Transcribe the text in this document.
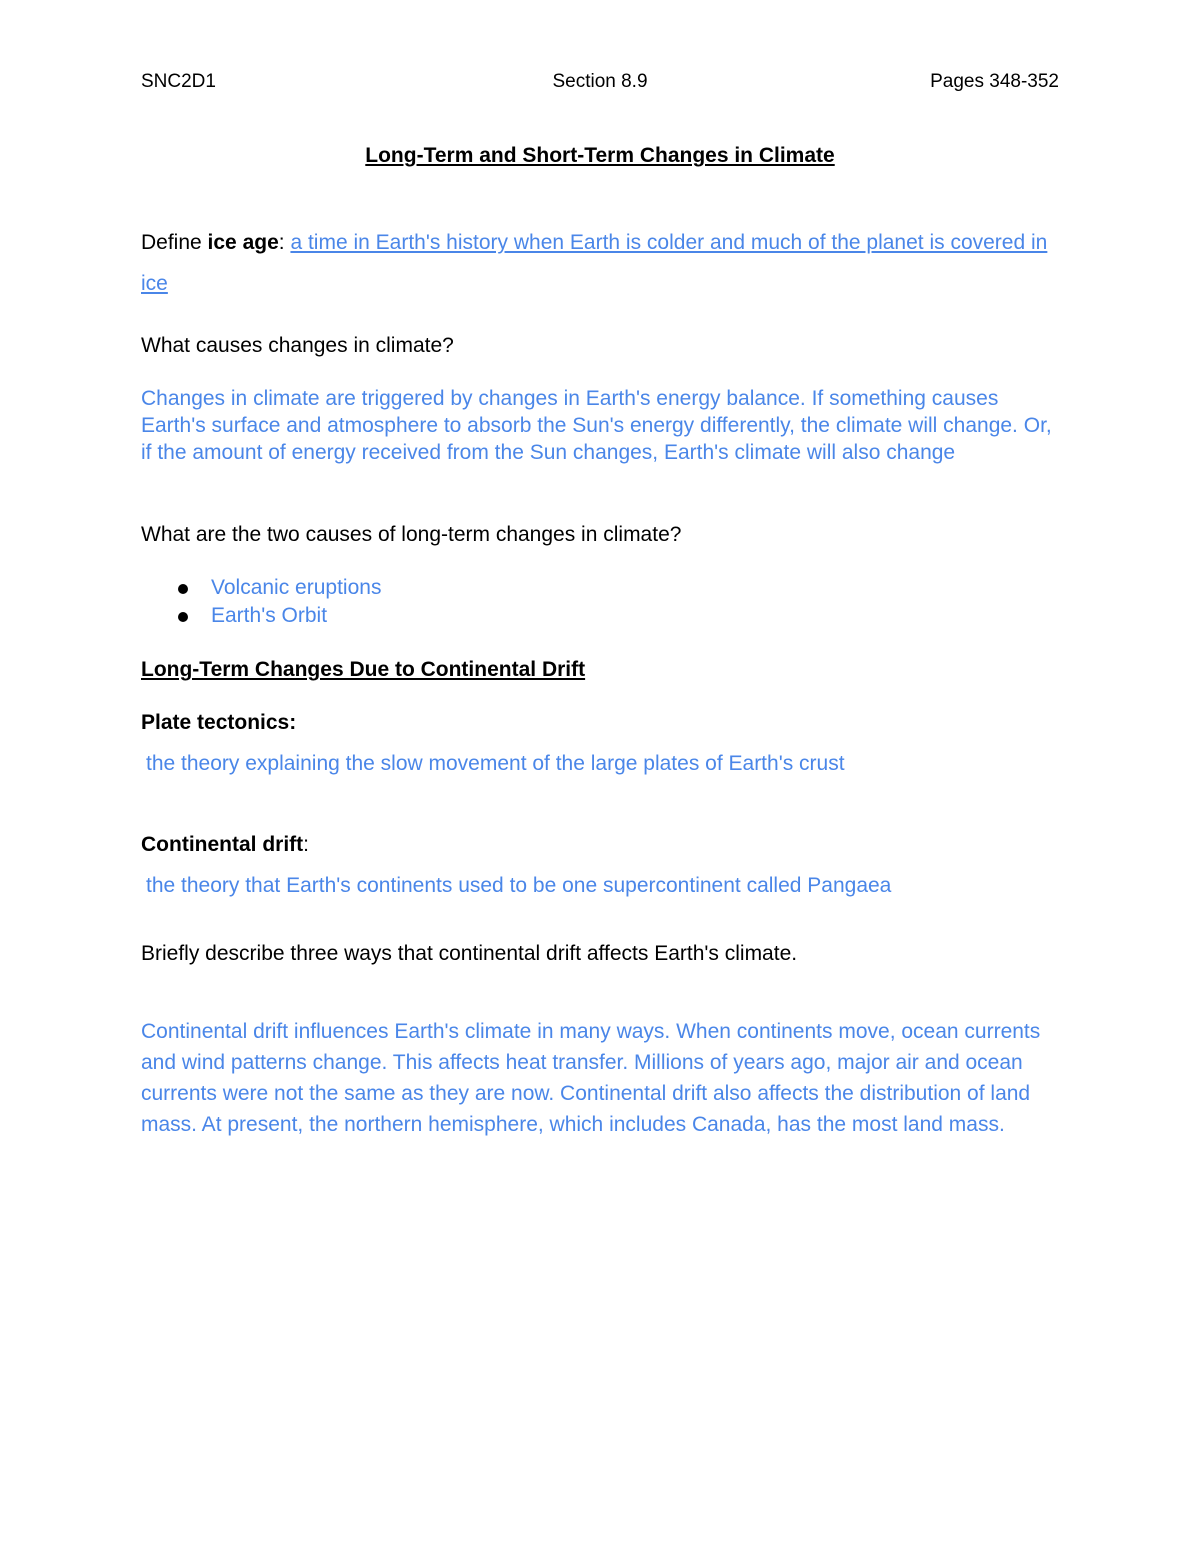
SNC2D1	Section 8.9	Pages 348-352
Long-Term and Short-Term Changes in Climate
Define ice age: a time in Earth's history when Earth is colder and much of the planet is covered in ice
What causes changes in climate?
Changes in climate are triggered by changes in Earth's energy balance. If something causes Earth's surface and atmosphere to absorb the Sun's energy differently, the climate will change. Or, if the amount of energy received from the Sun changes, Earth's climate will also change
What are the two causes of long-term changes in climate?
Volcanic eruptions
Earth's Orbit
Long-Term Changes Due to Continental Drift
Plate tectonics:
the theory explaining the slow movement of the large plates of Earth's crust
Continental drift:
the theory that Earth's continents used to be one supercontinent called Pangaea
Briefly describe three ways that continental drift affects Earth's climate.
Continental drift influences Earth's climate in many ways. When continents move, ocean currents and wind patterns change. This affects heat transfer. Millions of years ago, major air and ocean currents were not the same as they are now. Continental drift also affects the distribution of land mass. At present, the northern hemisphere, which includes Canada, has the most land mass.
